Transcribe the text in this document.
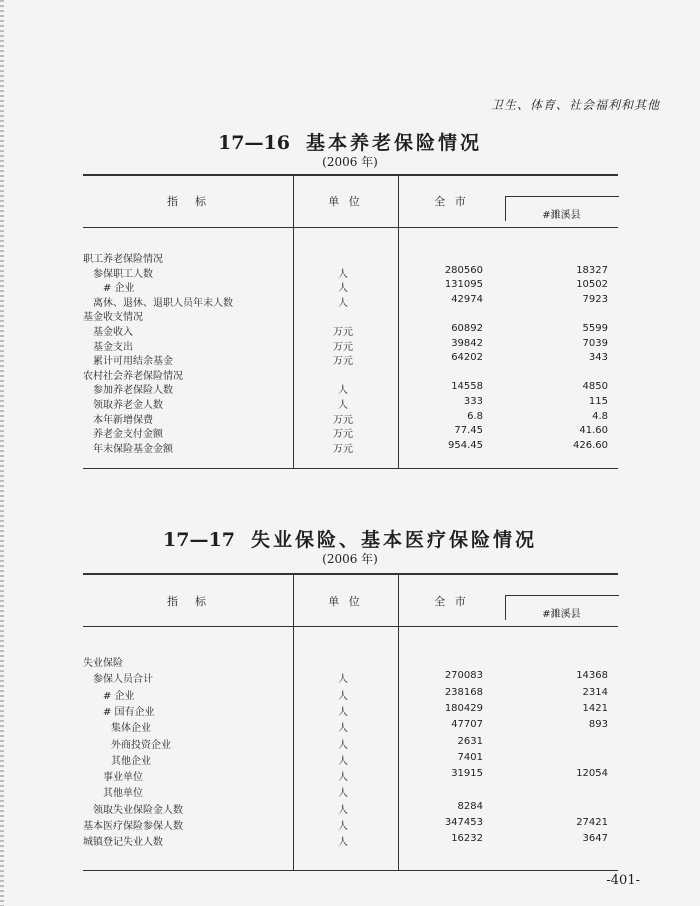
卫生、体育、社会福利和其他
17—16 基本养老保险情况
(2006 年)
指　标	单 位	全 市
#濉溪县
职工养老保险情况
参保职工人数	人	280560	18327
# 企业	人	131095	10502
离休、退休、退职人员年末人数	人	42974	7923
基金收支情况
基金收入	万元	60892	5599
基金支出	万元	39842	7039
累计可用结余基金	万元	64202	343
农村社会养老保险情况
参加养老保险人数	人	14558	4850
领取养老金人数	人	333	115
本年新增保费	万元	6.8	4.8
养老金支付金额	万元	77.45	41.60
年末保险基金金额	万元	954.45	426.60
17—17 失业保险、基本医疗保险情况
(2006 年)
指　标	单 位	全 市
#濉溪县
失业保险
参保人员合计	人	270083	14368
# 企业	人	238168	2314
# 国有企业	人	180429	1421
集体企业	人	47707	893
外商投资企业	人	2631
其他企业	人	7401
事业单位	人	31915	12054
其他单位	人
领取失业保险金人数	人	8284
基本医疗保险参保人数	人	347453	27421
城镇登记失业人数	人	16232	3647
-401-
